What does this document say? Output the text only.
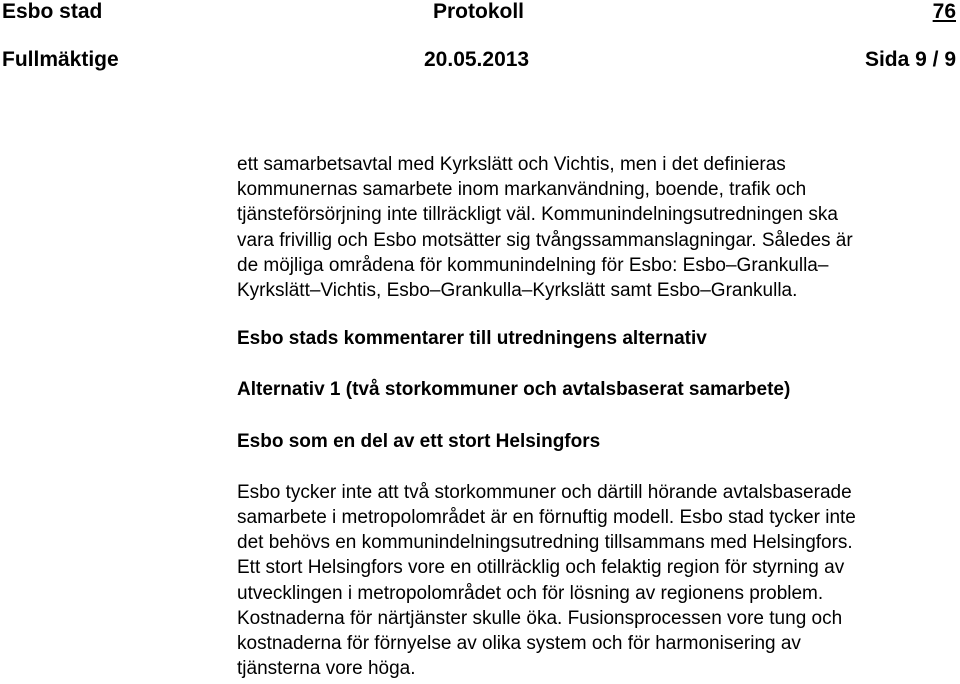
Esbo stad	Protokoll	76
Fullmäktige	20.05.2013	Sida 9 / 9

ett samarbetsavtal med Kyrkslätt och Vichtis, men i det definieras
kommunernas samarbete inom markanvändning, boende, trafik och
tjänsteförsörjning inte tillräckligt väl. Kommunindelningsutredningen ska
vara frivillig och Esbo motsätter sig tvångssammanslagningar. Således är
de möjliga områdena för kommunindelning för Esbo: Esbo–Grankulla–
Kyrkslätt–Vichtis, Esbo–Grankulla–Kyrkslätt samt Esbo–Grankulla.

Esbo stads kommentarer till utredningens alternativ

Alternativ 1 (två storkommuner och avtalsbaserat samarbete)

Esbo som en del av ett stort Helsingfors

Esbo tycker inte att två storkommuner och därtill hörande avtalsbaserade
samarbete i metropolområdet är en förnuftig modell. Esbo stad tycker inte
det behövs en kommunindelningsutredning tillsammans med Helsingfors.
Ett stort Helsingfors vore en otillräcklig och felaktig region för styrning av
utvecklingen i metropolområdet och för lösning av regionens problem.
Kostnaderna för närtjänster skulle öka. Fusionsprocessen vore tung och
kostnaderna för förnyelse av olika system och för harmonisering av
tjänsterna vore höga.
